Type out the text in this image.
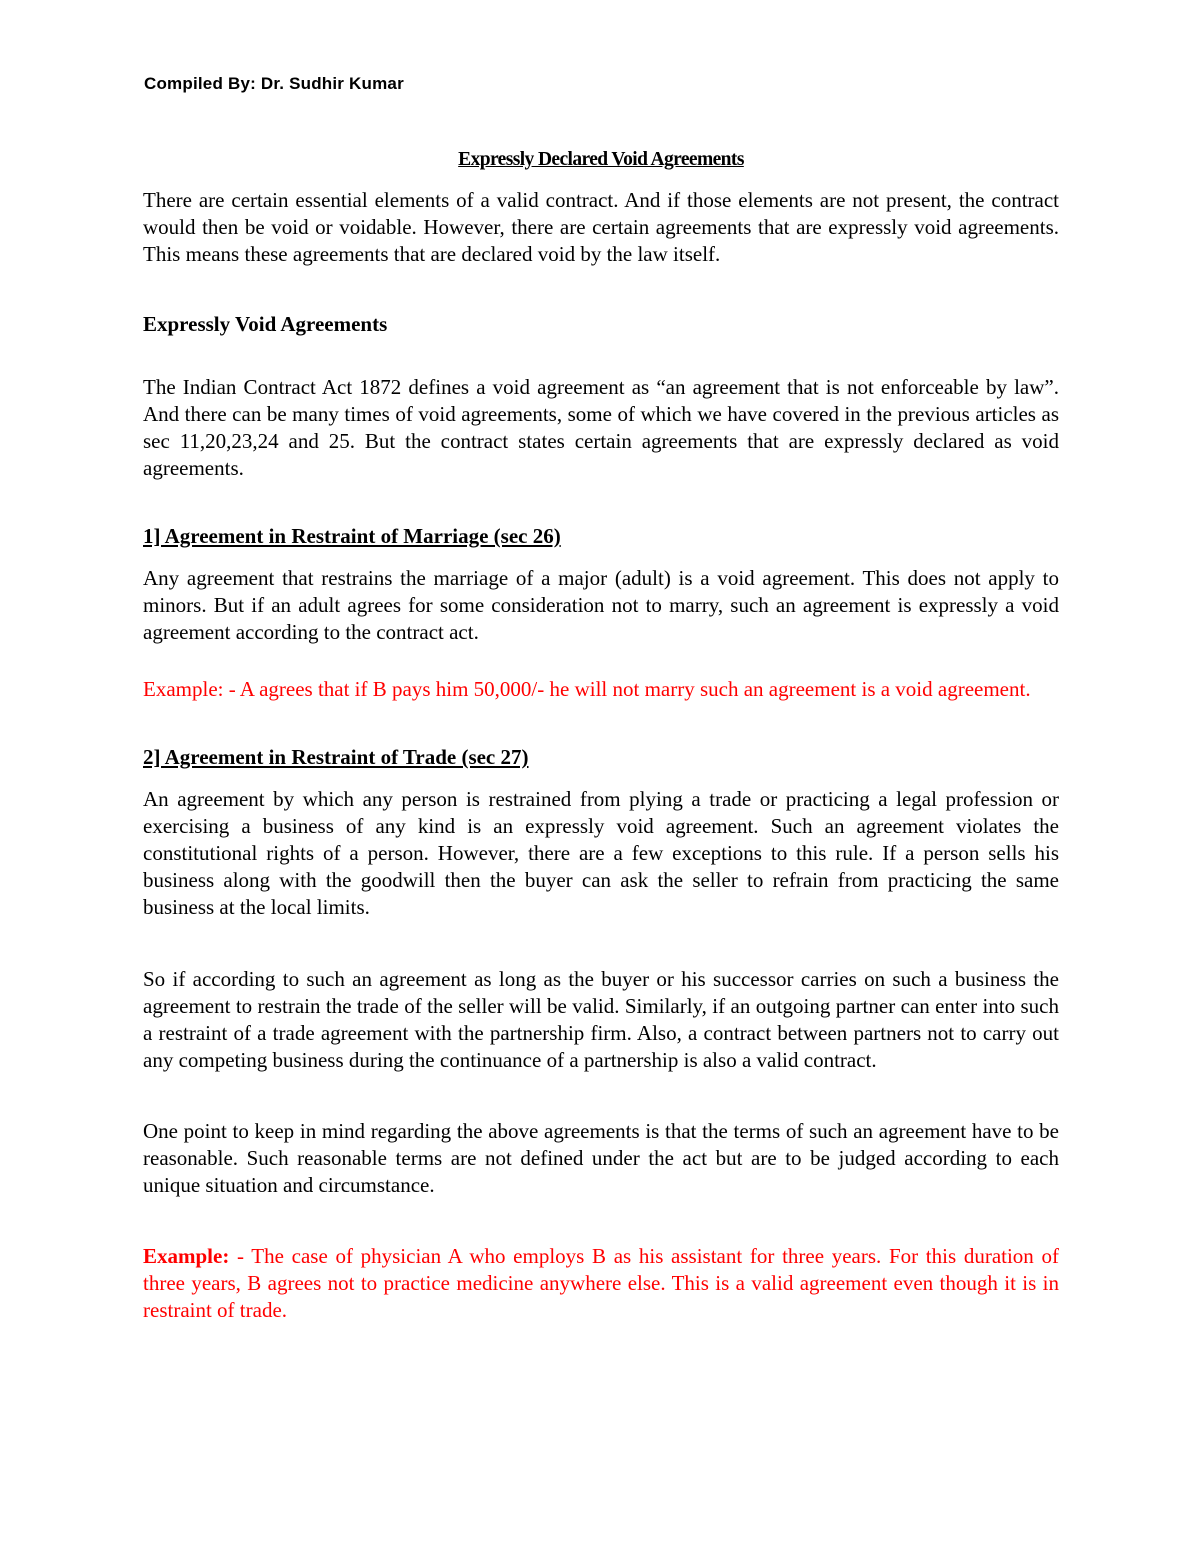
Compiled By: Dr. Sudhir Kumar
Expressly Declared Void Agreements

There are certain essential elements of a valid contract. And if those elements are not present, the contract would then be void or voidable. However, there are certain agreements that are expressly void agreements. This means these agreements that are declared void by the law itself.

Expressly Void Agreements

The Indian Contract Act 1872 defines a void agreement as “an agreement that is not enforceable by law”. And there can be many times of void agreements, some of which we have covered in the previous articles as sec 11,20,23,24 and 25. But the contract states certain agreements that are expressly declared as void agreements.

1] Agreement in Restraint of Marriage (sec 26)

Any agreement that restrains the marriage of a major (adult) is a void agreement. This does not apply to minors. But if an adult agrees for some consideration not to marry, such an agreement is expressly a void agreement according to the contract act.

Example: - A agrees that if B pays him 50,000/- he will not marry such an agreement is a void agreement.

2] Agreement in Restraint of Trade (sec 27)

An agreement by which any person is restrained from plying a trade or practicing a legal profession or exercising a business of any kind is an expressly void agreement. Such an agreement violates the constitutional rights of a person. However, there are a few exceptions to this rule. If a person sells his business along with the goodwill then the buyer can ask the seller to refrain from practicing the same business at the local limits.

So if according to such an agreement as long as the buyer or his successor carries on such a business the agreement to restrain the trade of the seller will be valid. Similarly, if an outgoing partner can enter into such a restraint of a trade agreement with the partnership firm. Also, a contract between partners not to carry out any competing business during the continuance of a partnership is also a valid contract.

One point to keep in mind regarding the above agreements is that the terms of such an agreement have to be reasonable. Such reasonable terms are not defined under the act but are to be judged according to each unique situation and circumstance.

Example: - The case of physician A who employs B as his assistant for three years. For this duration of three years, B agrees not to practice medicine anywhere else. This is a valid agreement even though it is in restraint of trade.
